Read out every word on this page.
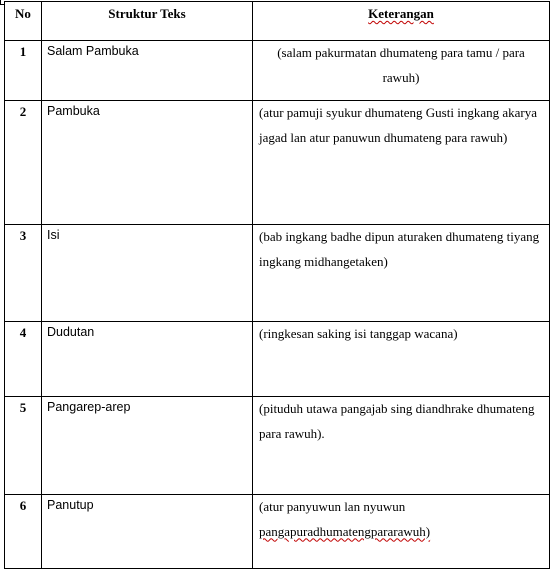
No	Struktur Teks	Keterangan
1	Salam Pambuka	(salam pakurmatan dhumateng para tamu / para rawuh)
2	Pambuka	(atur pamuji syukur dhumateng Gusti ingkang akarya jagad lan atur panuwun dhumateng para rawuh)
3	Isi	(bab ingkang badhe dipun aturaken dhumateng tiyang ingkang midhangetaken)
4	Dudutan	(ringkesan saking isi tanggap wacana)
5	Pangarep-arep	(pituduh utawa pangajab sing diandhrake dhumateng para rawuh).
6	Panutup	(atur panyuwun lan nyuwun
pangapuradhumatengpararawuh)
